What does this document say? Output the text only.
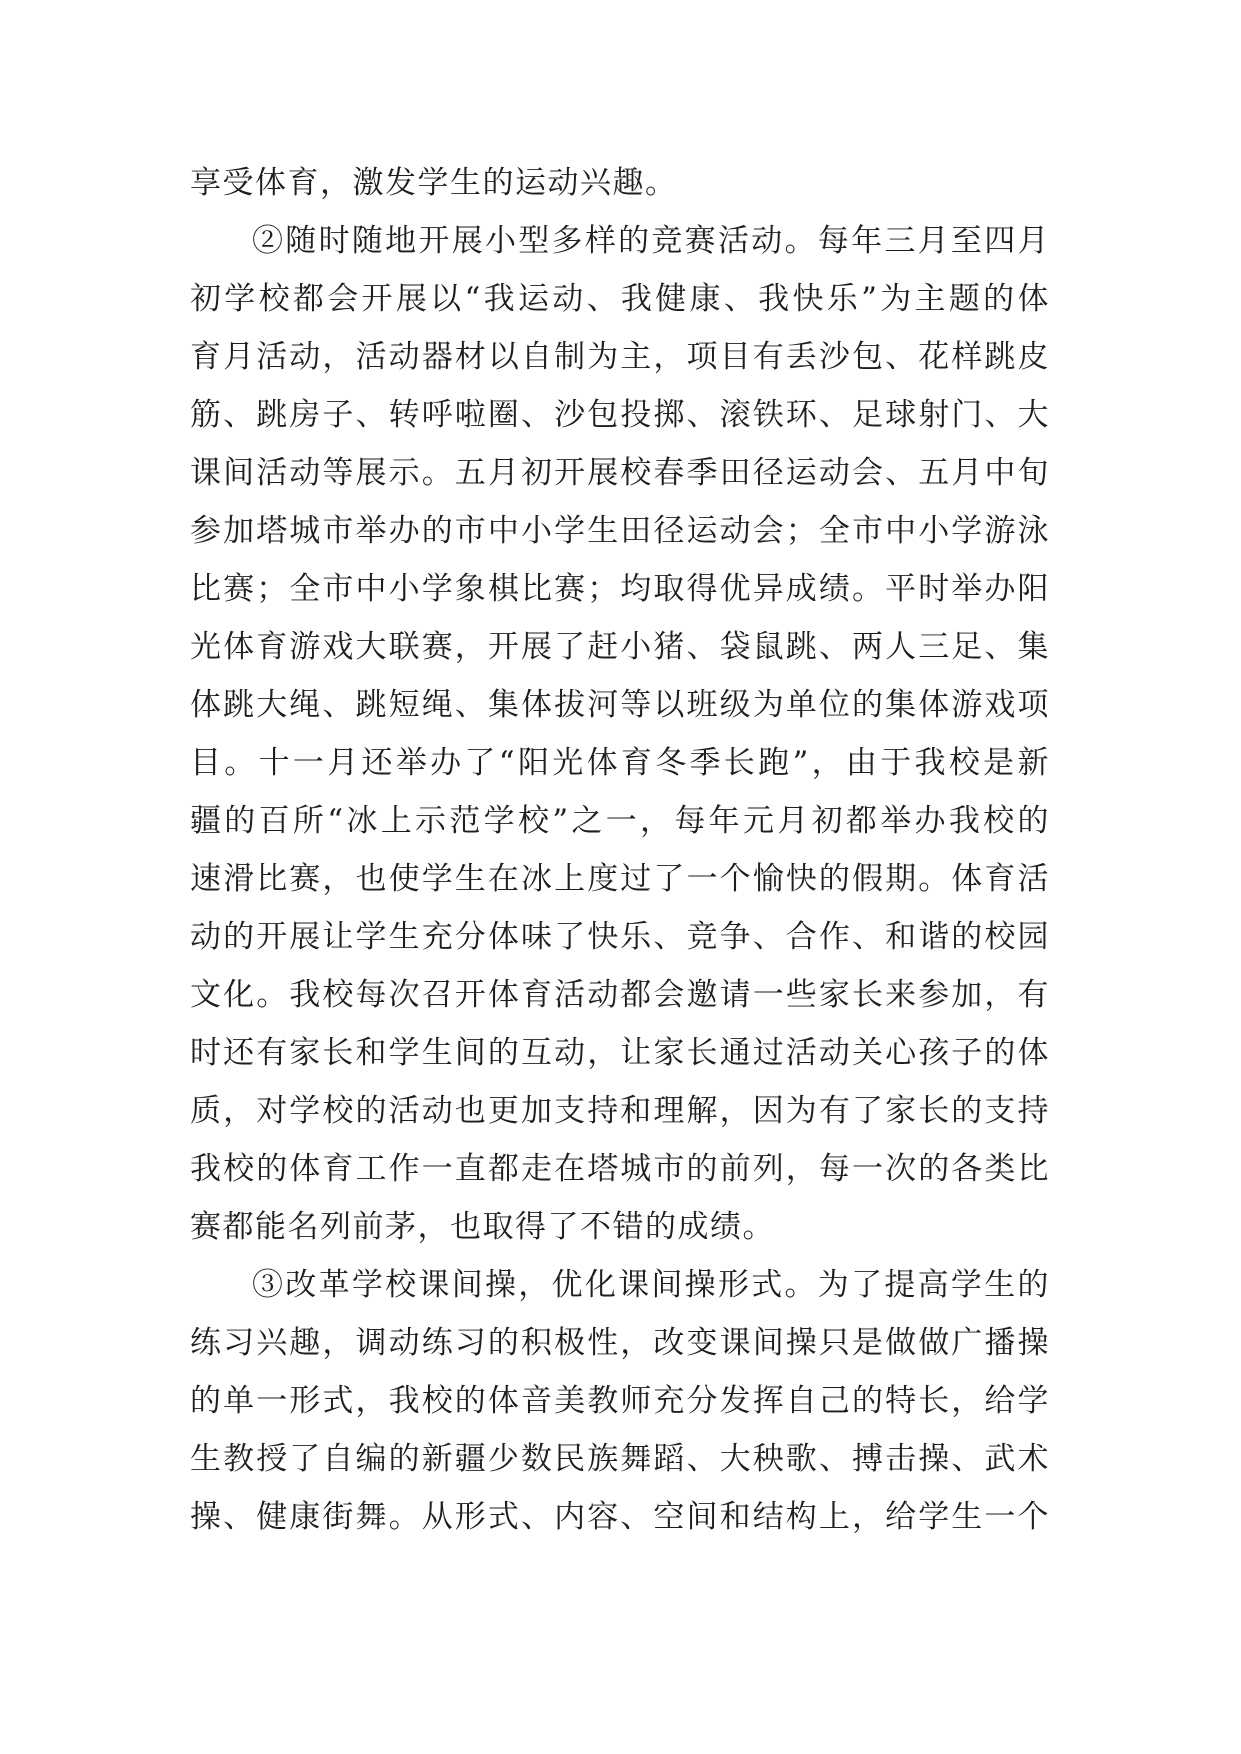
享受体育，激发学生的运动兴趣。
②随时随地开展小型多样的竞赛活动。每年三月至四月
初学校都会开展以“我运动、我健康、我快乐”为主题的体
育月活动，活动器材以自制为主，项目有丢沙包、花样跳皮
筋、跳房子、转呼啦圈、沙包投掷、滚铁环、足球射门、大
课间活动等展示。五月初开展校春季田径运动会、五月中旬
参加塔城市举办的市中小学生田径运动会；全市中小学游泳
比赛；全市中小学象棋比赛；均取得优异成绩。平时举办阳
光体育游戏大联赛，开展了赶小猪、袋鼠跳、两人三足、集
体跳大绳、跳短绳、集体拔河等以班级为单位的集体游戏项
目。十一月还举办了“阳光体育冬季长跑”，由于我校是新
疆的百所“冰上示范学校”之一，每年元月初都举办我校的
速滑比赛，也使学生在冰上度过了一个愉快的假期。体育活
动的开展让学生充分体味了快乐、竞争、合作、和谐的校园
文化。我校每次召开体育活动都会邀请一些家长来参加，有
时还有家长和学生间的互动，让家长通过活动关心孩子的体
质，对学校的活动也更加支持和理解，因为有了家长的支持
我校的体育工作一直都走在塔城市的前列，每一次的各类比
赛都能名列前茅，也取得了不错的成绩。
③改革学校课间操，优化课间操形式。为了提高学生的
练习兴趣，调动练习的积极性，改变课间操只是做做广播操
的单一形式，我校的体音美教师充分发挥自己的特长，给学
生教授了自编的新疆少数民族舞蹈、大秧歌、搏击操、武术
操、健康街舞。从形式、内容、空间和结构上，给学生一个
